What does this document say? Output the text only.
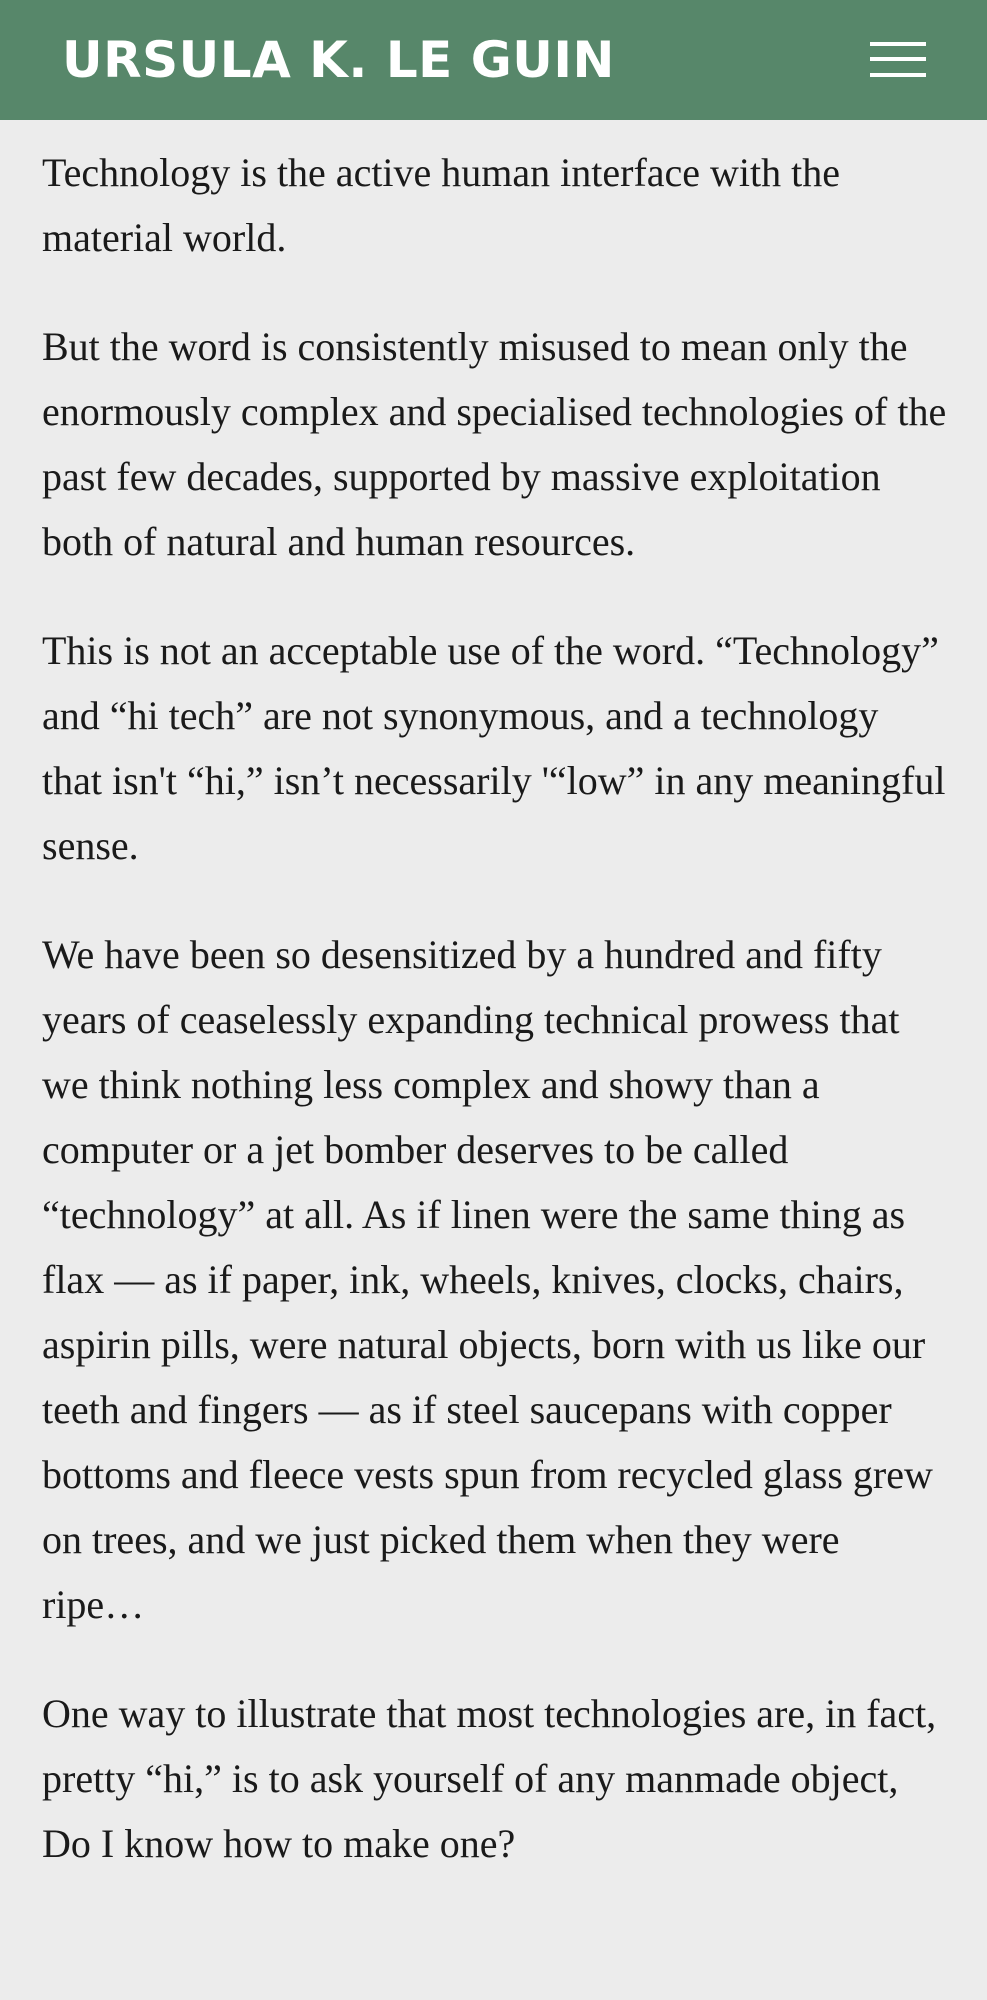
URSULA K. LE GUIN

Technology is the active human interface with the material world.

But the word is consistently misused to mean only the enormously complex and specialised technologies of the past few decades, supported by massive exploitation both of natural and human resources.

This is not an acceptable use of the word. “Technology” and “hi tech” are not synonymous, and a technology that isn't “hi,” isn’t necessarily '“low” in any meaningful sense.

We have been so desensitized by a hundred and fifty years of ceaselessly expanding technical prowess that we think nothing less complex and showy than a computer or a jet bomber deserves to be called “technology” at all. As if linen were the same thing as flax — as if paper, ink, wheels, knives, clocks, chairs, aspirin pills, were natural objects, born with us like our teeth and fingers — as if steel saucepans with copper bottoms and fleece vests spun from recycled glass grew on trees, and we just picked them when they were ripe…

One way to illustrate that most technologies are, in fact, pretty “hi,” is to ask yourself of any manmade object, Do I know how to make one?
